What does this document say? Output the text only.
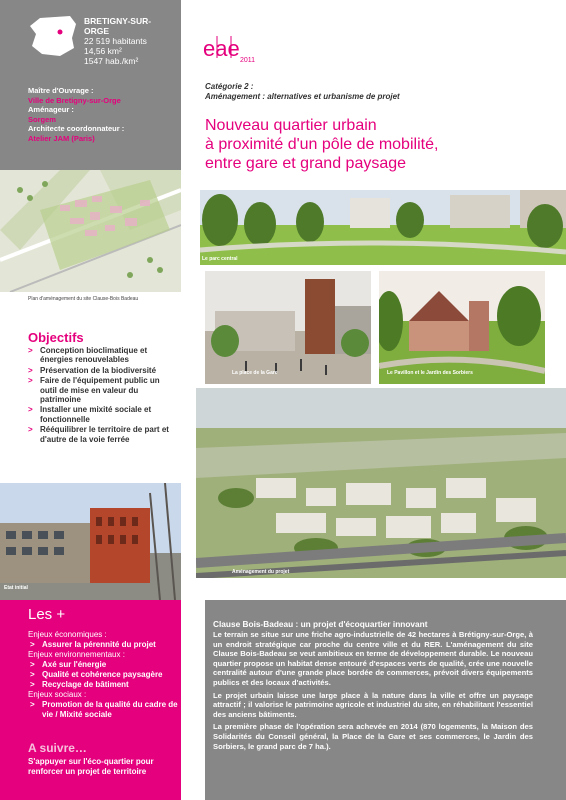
BRETIGNY-SUR-
ORGE
22 519 habitants
14,56 km²
1547 hab./km²
Maître d'Ouvrage :
Ville de Bretigny-sur-Orge
Aménageur :
Sorgem
Architecte coordonnateur :
Atelier JAM (Paris)
Plan d'aménagement du site Clause-Bois Badeau
Objectifs
> Conception bioclimatique et énergies renouvelables
> Préservation de la biodiversité
> Faire de l'équipement public un outil de mise en valeur du patrimoine
> Installer une mixité sociale et fonctionnelle
> Rééquilibrer le territoire de part et d'autre de la voie ferrée
Etat initial
Les +
Enjeux économiques :
> Assurer la pérennité du projet
Enjeux environnementaux :
> Axé sur l'énergie
> Qualité et cohérence paysagère
> Recyclage de bâtiment
Enjeux sociaux :
> Promotion de la qualité du cadre de vie / Mixité sociale
A suivre…
S'appuyer sur l'éco-quartier pour renforcer un projet de territoire
eae 2011
Catégorie 2 :
Aménagement : alternatives et urbanisme de projet
Nouveau quartier urbain
à proximité d'un pôle de mobilité,
entre gare et grand paysage
Le parc central
La place de la Gare	Le Pavillon et le Jardin des Sorbiers
Aménagement du projet
Clause Bois-Badeau : un projet d'écoquartier innovant

Le terrain se situe sur une friche agro-industrielle de 42 hectares à Brétigny-sur-Orge, à un endroit stratégique car proche du centre ville et du RER. L'aménagement du site Clause Bois-Badeau se veut ambitieux en terme de développement durable. Le nouveau quartier propose un habitat dense entouré d'espaces verts de qualité, crée une nouvelle centralité autour d'une grande place bordée de commerces, prévoit divers équipements publics et des locaux d'activités.

Le projet urbain laisse une large place à la nature dans la ville et offre un paysage attractif ; il valorise le patrimoine agricole et industriel du site, en réhabilitant l'essentiel des anciens bâtiments.

La première phase de l'opération sera achevée en 2014 (870 logements, la Maison des Solidarités du Conseil général, la Place de la Gare et ses commerces, le Jardin des Sorbiers, le grand parc de 7 ha.).
